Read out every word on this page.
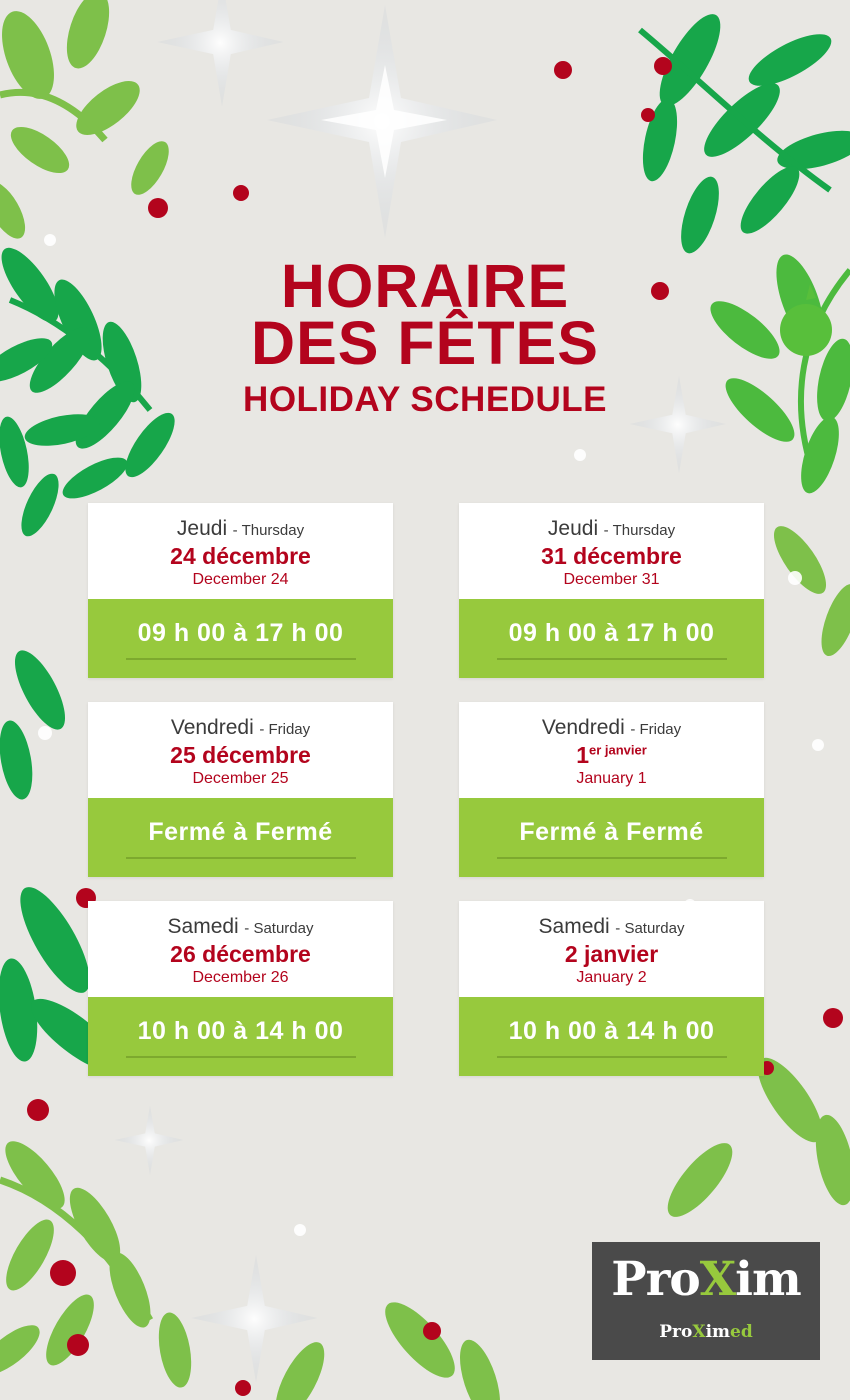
HORAIRE
DES FÊTES
HOLIDAY SCHEDULE
Jeudi - Thursday
24 décembre
December 24
09 h 00 à 17 h 00
Jeudi - Thursday
31 décembre
December 31
09 h 00 à 17 h 00
Vendredi - Friday
25 décembre
December 25
Fermé à Fermé
Vendredi - Friday
$1^{er janvier}$
January 1
Fermé à Fermé
Samedi - Saturday
26 décembre
December 26
10 h 00 à 14 h 00
Samedi - Saturday
2 janvier
January 2
10 h 00 à 14 h 00
ProXim
ProXimed
